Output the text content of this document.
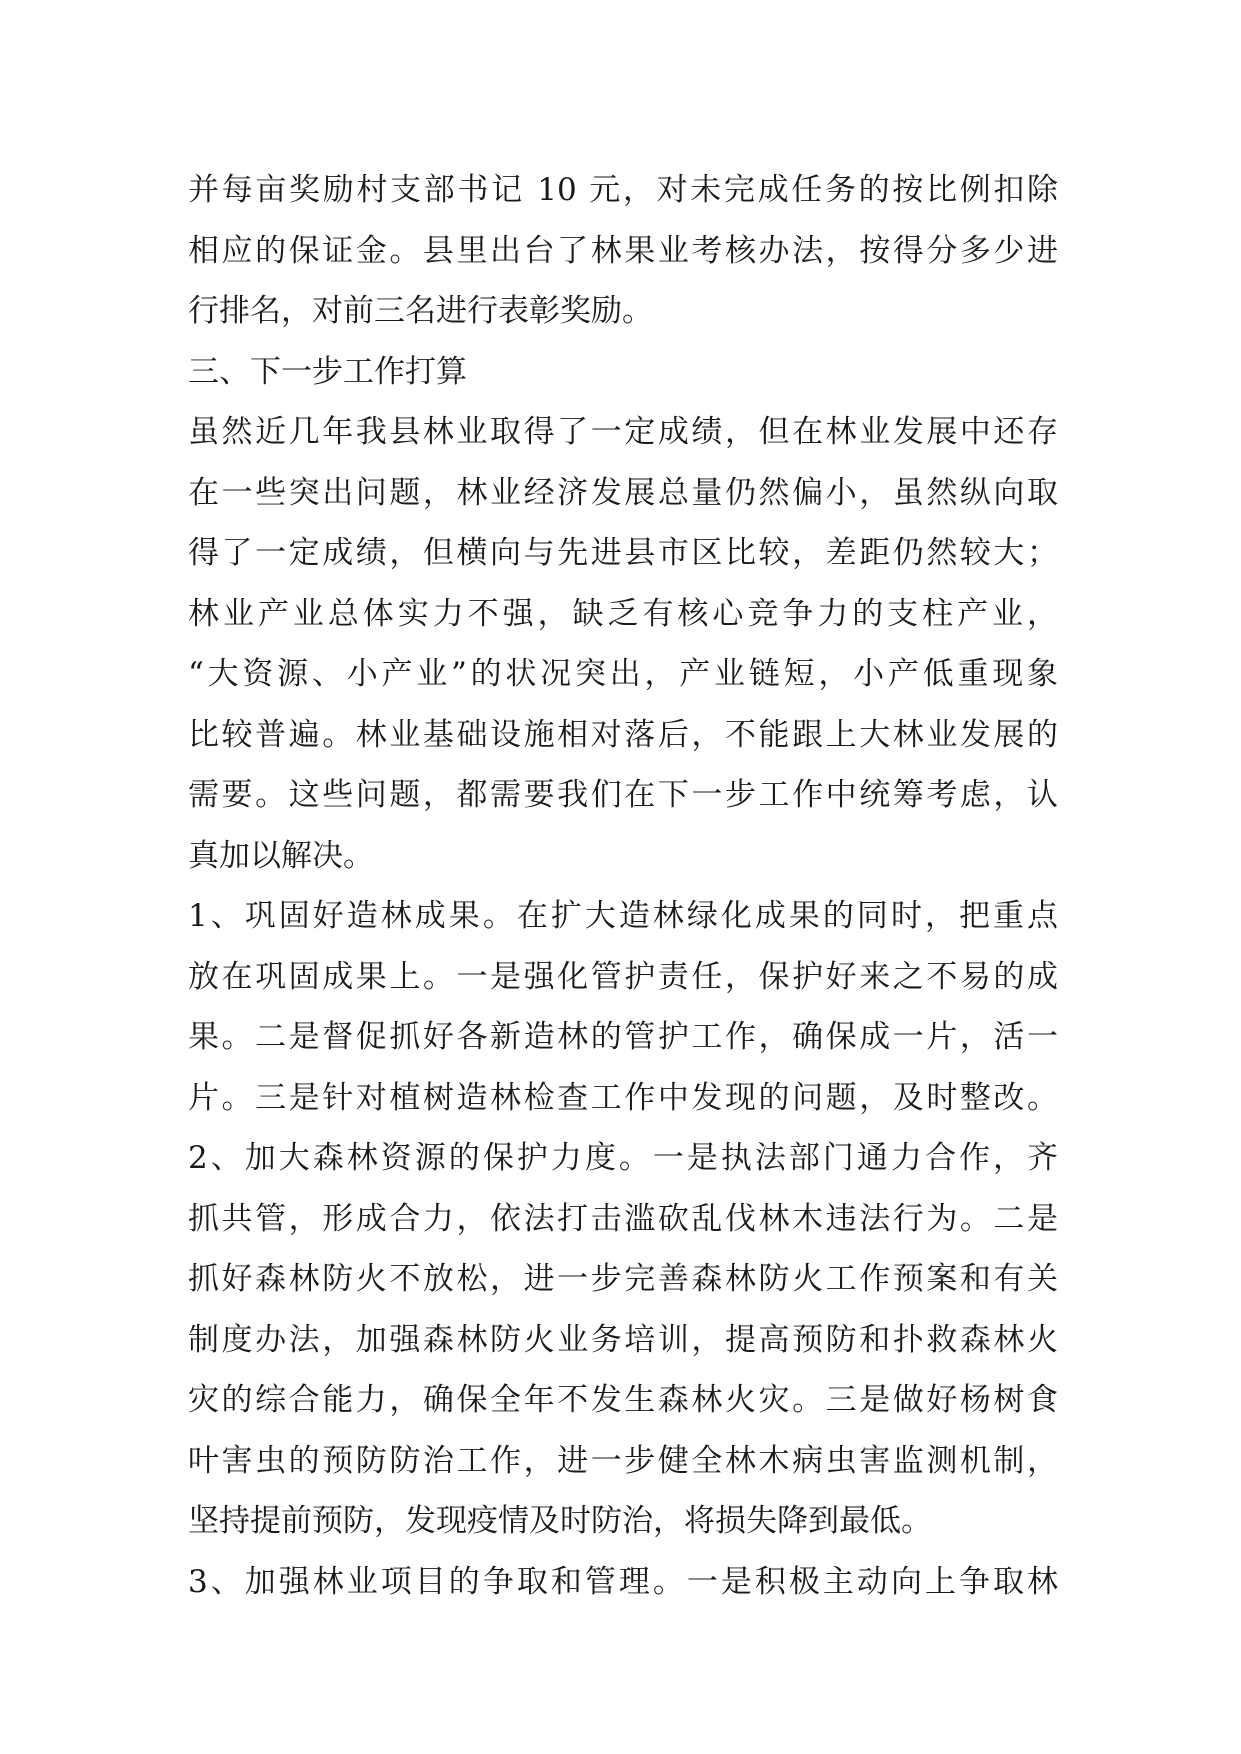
并每亩奖励村支部书记 10 元，对未完成任务的按比例扣除
相应的保证金。县里出台了林果业考核办法，按得分多少进
行排名，对前三名进行表彰奖励。
三、下一步工作打算
虽然近几年我县林业取得了一定成绩，但在林业发展中还存
在一些突出问题，林业经济发展总量仍然偏小，虽然纵向取
得了一定成绩，但横向与先进县市区比较，差距仍然较大；
林业产业总体实力不强，缺乏有核心竞争力的支柱产业，
“大资源、小产业”的状况突出，产业链短，小产低重现象
比较普遍。林业基础设施相对落后，不能跟上大林业发展的
需要。这些问题，都需要我们在下一步工作中统筹考虑，认
真加以解决。
1、巩固好造林成果。在扩大造林绿化成果的同时，把重点
放在巩固成果上。一是强化管护责任，保护好来之不易的成
果。二是督促抓好各新造林的管护工作，确保成一片，活一
片。三是针对植树造林检查工作中发现的问题，及时整改。
2、加大森林资源的保护力度。一是执法部门通力合作，齐
抓共管，形成合力，依法打击滥砍乱伐林木违法行为。二是
抓好森林防火不放松，进一步完善森林防火工作预案和有关
制度办法，加强森林防火业务培训，提高预防和扑救森林火
灾的综合能力，确保全年不发生森林火灾。三是做好杨树食
叶害虫的预防防治工作，进一步健全林木病虫害监测机制，
坚持提前预防，发现疫情及时防治，将损失降到最低。
3、加强林业项目的争取和管理。一是积极主动向上争取林
